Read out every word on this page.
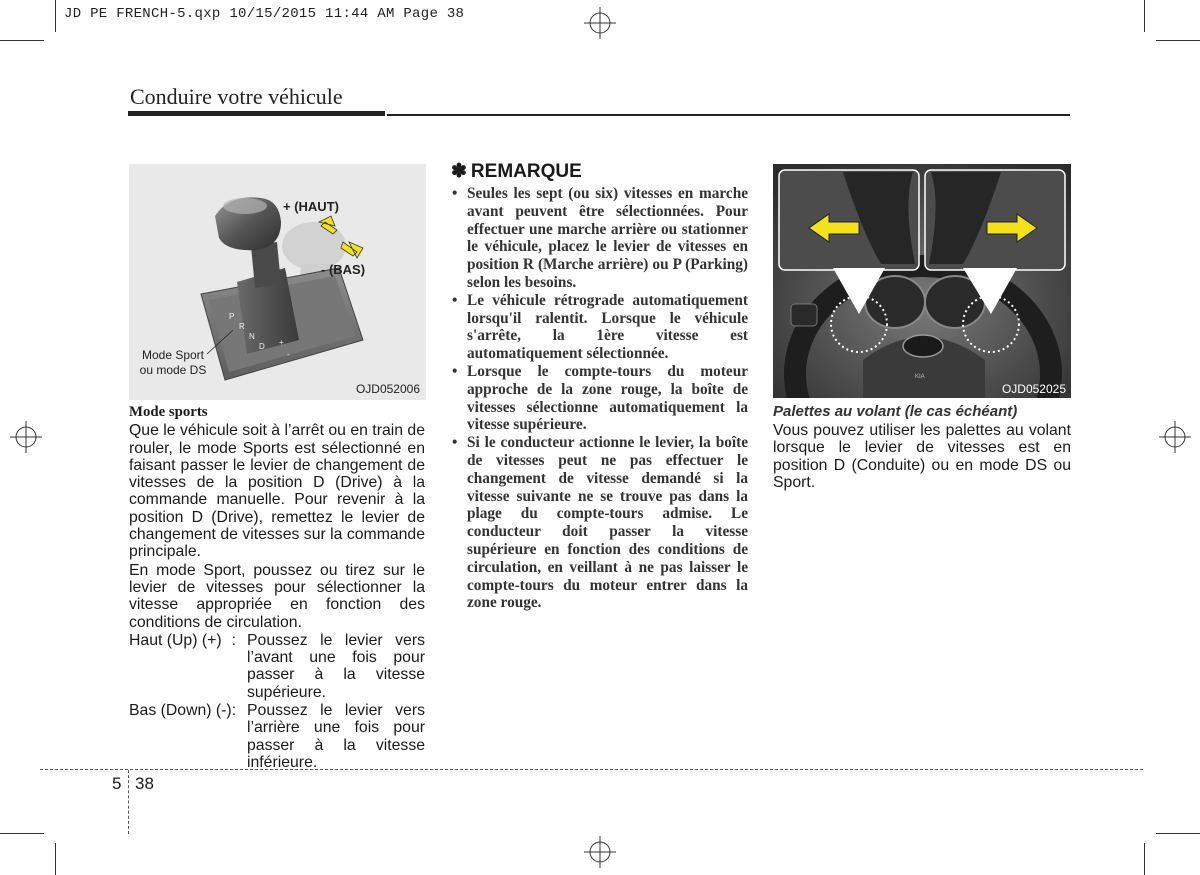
JD PE FRENCH-5.qxp 10/15/2015 11:44 AM Page 38
Conduire votre véhicule
P
R
N
D +
-
+ (HAUT)
- (BAS)
Mode Sport
ou mode DS
OJD052006

Mode sports

Que le véhicule soit à l’arrêt ou en train de rouler, le mode Sports est sélectionné en faisant passer le levier de changement de vitesses de la position D (Drive) à la commande manuelle. Pour revenir à la position D (Drive), remettez le levier de changement de vitesses sur la commande principale.

En mode Sport, poussez ou tirez sur le levier de vitesses pour sélectionner la vitesse appropriée en fonction des conditions de circulation.

Haut (Up) (+) : Poussez le levier vers l’avant une fois pour passer à la vitesse supérieure.
Bas (Down) (-): Poussez le levier vers l’arrière une fois pour passer à la vitesse inférieure.
✽ REMARQUE
• Seules les sept (ou six) vitesses en marche avant peuvent être sélectionnées. Pour effectuer une marche arrière ou stationner le véhicule, placez le levier de vitesses en position R (Marche arrière) ou P (Parking) selon les besoins.
• Le véhicule rétrograde automatiquement lorsqu'il ralentit. Lorsque le véhicule s'arrête, la 1ère vitesse est automatiquement sélectionnée.
• Lorsque le compte-tours du moteur approche de la zone rouge, la boîte de vitesses sélectionne automatiquement la vitesse supérieure.
• Si le conducteur actionne le levier, la boîte de vitesses peut ne pas effectuer le changement de vitesse demandé si la vitesse suivante ne se trouve pas dans la plage du compte-tours admise. Le conducteur doit passer la vitesse supérieure en fonction des conditions de circulation, en veillant à ne pas laisser le compte-tours du moteur entrer dans la zone rouge.
KIA
OJD052025
Palettes au volant (le cas échéant)
Vous pouvez utiliser les palettes au volant lorsque le levier de vitesses est en position D (Conduite) ou en mode DS ou Sport.
5 38
